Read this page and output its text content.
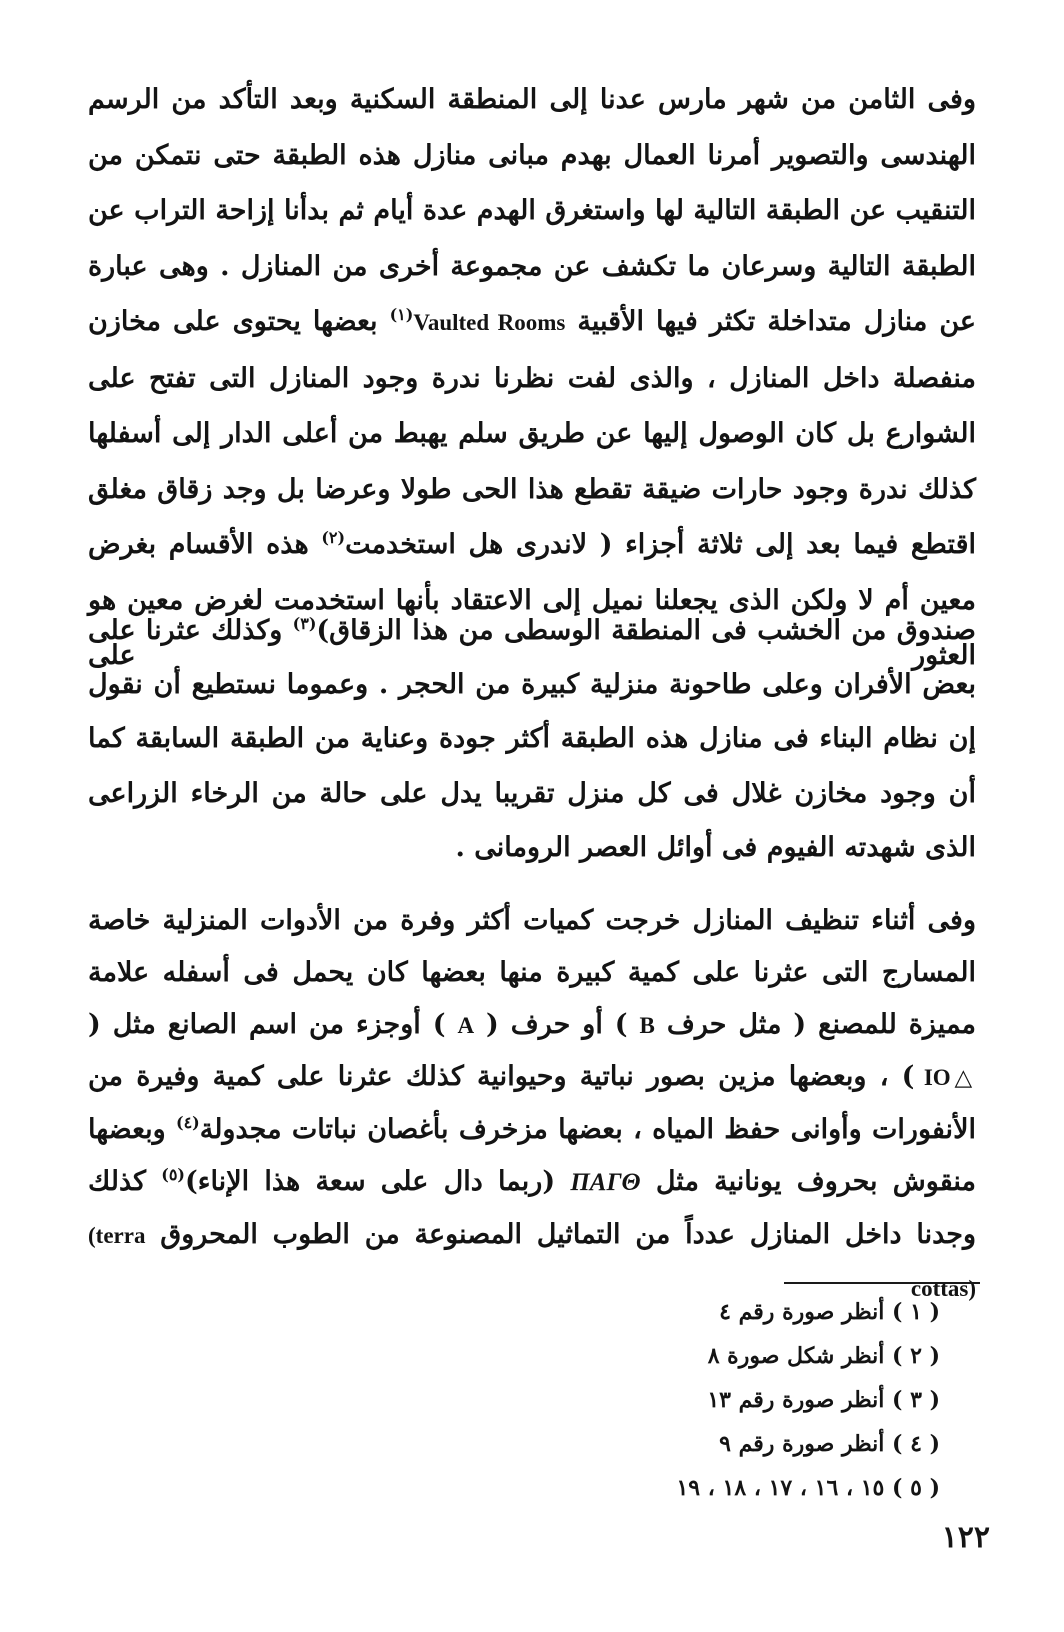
وفى الثامن من شهر مارس عدنا إلى المنطقة السكنية وبعد التأكد من الرسم الهندسى والتصوير أمرنا العمال بهدم مبانى منازل هذه الطبقة حتى نتمكن من التنقيب عن الطبقة التالية لها واستغرق الهدم عدة أيام ثم بدأنا إزاحة التراب عن الطبقة التالية وسرعان ما تكشف عن مجموعة أخرى من المنازل . وهى عبارة عن منازل متداخلة تكثر فيها الأقبية Vaulted Rooms$^{(١)}$ بعضها يحتوى على مخازن منفصلة داخل المنازل ، والذى لفت نظرنا ندرة وجود المنازل التى تفتح على الشوارع بل كان الوصول إليها عن طريق سلم يهبط من أعلى الدار إلى أسفلها كذلك ندرة وجود حارات ضيقة تقطع هذا الحى طولا وعرضا بل وجد زقاق مغلق اقتطع فيما بعد إلى ثلاثة أجزاء ( لاندرى هل استخدمت$^{(٢)}$ هذه الأقسام بغرض معين أم لا ولكن الذى يجعلنا نميل إلى الاعتقاد بأنها استخدمت لغرض معين هو العثور على

صندوق من الخشب فى المنطقة الوسطى من هذا الزقاق)$^{(٣)}$ وكذلك عثرنا على بعض الأفران وعلى طاحونة منزلية كبيرة من الحجر . وعموما نستطيع أن نقول إن نظام البناء فى منازل هذه الطبقة أكثر جودة وعناية من الطبقة السابقة كما أن وجود مخازن غلال فى كل منزل تقريبا يدل على حالة من الرخاء الزراعى الذى شهدته الفيوم فى أوائل العصر الرومانى .

وفى أثناء تنظيف المنازل خرجت كميات أكثر وفرة من الأدوات المنزلية خاصة المسارج التى عثرنا على كمية كبيرة منها بعضها كان يحمل فى أسفله علامة مميزة للمصنع ( مثل حرف B ) أو حرف ( A ) أوجزء من اسم الصانع مثل ( IO△ ) ، وبعضها مزين بصور نباتية وحيوانية كذلك عثرنا على كمية وفيرة من الأنفورات وأوانى حفظ المياه ، بعضها مزخرف بأغصان نباتات مجدولة$^{(٤)}$ وبعضها منقوش بحروف يونانية مثل ΠΑΓΘ (ربما دال على سعة هذا الإناء)$^{(٥)}$ كذلك وجدنا داخل المنازل عدداً من التماثيل المصنوعة من الطوب المحروق (terra cottas)

( ١ ) أنظر صورة رقم ٤
( ٢ ) أنظر شكل صورة ٨
( ٣ ) أنظر صورة رقم ١٣
( ٤ ) أنظر صورة رقم ٩
( ٥ ) ١٥ ، ١٦ ، ١٧ ، ١٨ ، ١٩
١٢٢
